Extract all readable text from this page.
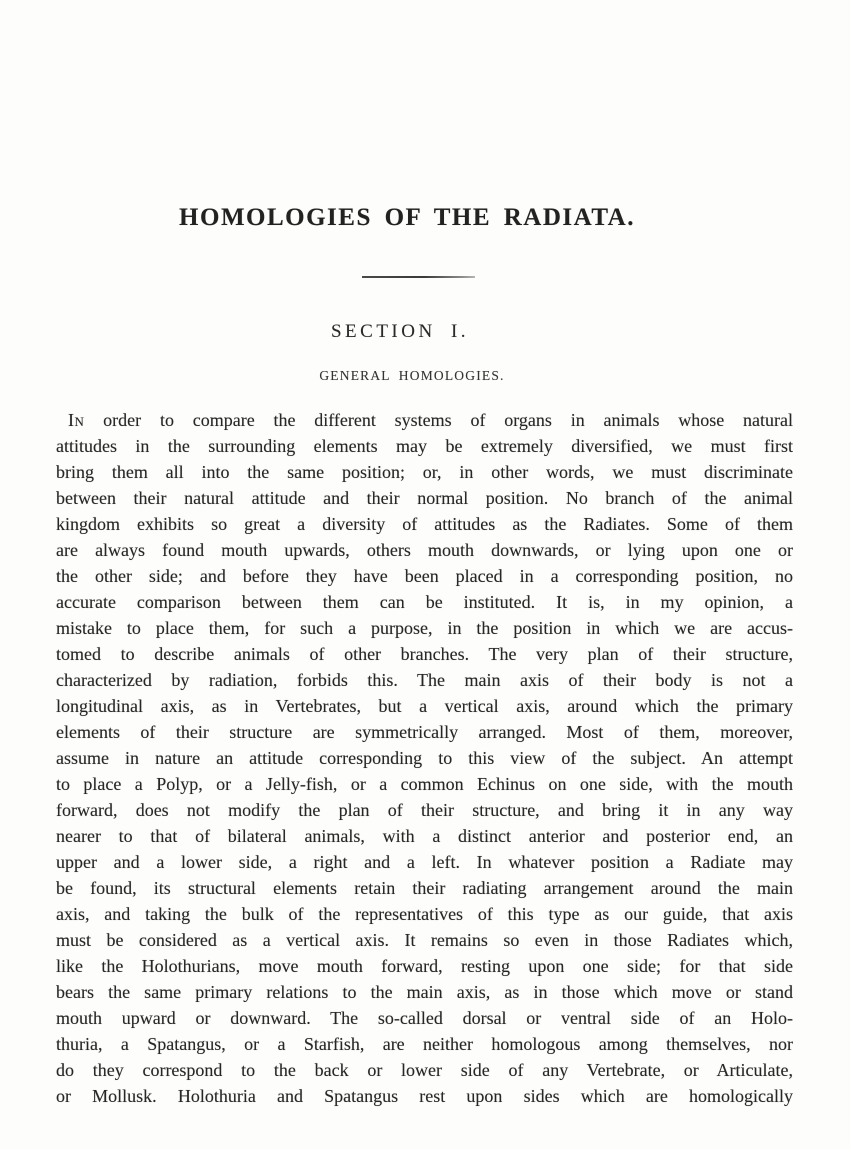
HOMOLOGIES OF THE RADIATA.
SECTION I.
GENERAL HOMOLOGIES.
In order to compare the different systems of organs in animals whose natural
attitudes in the surrounding elements may be extremely diversified, we must first
bring them all into the same position; or, in other words, we must discriminate
between their natural attitude and their normal position. No branch of the animal
kingdom exhibits so great a diversity of attitudes as the Radiates. Some of them
are always found mouth upwards, others mouth downwards, or lying upon one or
the other side; and before they have been placed in a corresponding position, no
accurate comparison between them can be instituted. It is, in my opinion, a
mistake to place them, for such a purpose, in the position in which we are accus-
tomed to describe animals of other branches. The very plan of their structure,
characterized by radiation, forbids this. The main axis of their body is not a
longitudinal axis, as in Vertebrates, but a vertical axis, around which the primary
elements of their structure are symmetrically arranged. Most of them, moreover,
assume in nature an attitude corresponding to this view of the subject. An attempt
to place a Polyp, or a Jelly-fish, or a common Echinus on one side, with the mouth
forward, does not modify the plan of their structure, and bring it in any way
nearer to that of bilateral animals, with a distinct anterior and posterior end, an
upper and a lower side, a right and a left. In whatever position a Radiate may
be found, its structural elements retain their radiating arrangement around the main
axis, and taking the bulk of the representatives of this type as our guide, that axis
must be considered as a vertical axis. It remains so even in those Radiates which,
like the Holothurians, move mouth forward, resting upon one side; for that side
bears the same primary relations to the main axis, as in those which move or stand
mouth upward or downward. The so-called dorsal or ventral side of an Holo-
thuria, a Spatangus, or a Starfish, are neither homologous among themselves, nor
do they correspond to the back or lower side of any Vertebrate, or Articulate,
or Mollusk. Holothuria and Spatangus rest upon sides which are homologically
